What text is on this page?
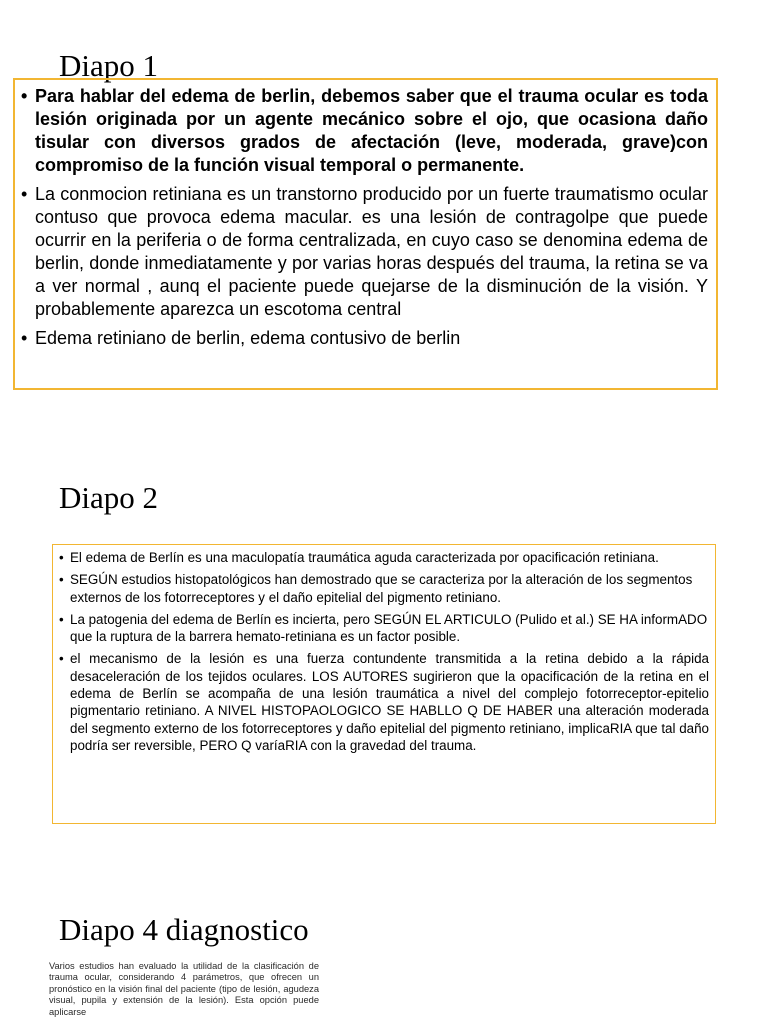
Diapo 1
• Para hablar del edema de berlin, debemos saber que el trauma ocular es toda lesión originada por un agente mecánico sobre el ojo, que ocasiona daño tisular con diversos grados de afectación (leve, moderada, grave)con compromiso de la función visual temporal o permanente.
• La conmocion retiniana es un transtorno producido por un fuerte traumatismo ocular contuso que provoca edema macular. es una lesión de contragolpe que puede ocurrir en la periferia o de forma centralizada, en cuyo caso se denomina edema de berlin, donde inmediatamente y por varias horas después del trauma, la retina se va a ver normal , aunq el paciente puede quejarse de la disminución de la visión. Y probablemente aparezca un escotoma central
• Edema retiniano de berlin, edema contusivo de berlin
Diapo 2
• El edema de Berlín es una maculopatía traumática aguda caracterizada por opacificación retiniana.
• SEGÚN estudios histopatológicos han demostrado que se caracteriza por la alteración de los segmentos externos de los fotorreceptores y el daño epitelial del pigmento retiniano.
• La patogenia del edema de Berlín es incierta, pero SEGÚN EL ARTICULO (Pulido et al.) SE HA informADO que la ruptura de la barrera hemato-retiniana es un factor posible.
• el mecanismo de la lesión es una fuerza contundente transmitida a la retina debido a la rápida desaceleración de los tejidos oculares. LOS AUTORES sugirieron que la opacificación de la retina en el edema de Berlín se acompaña de una lesión traumática a nivel del complejo fotorreceptor-epitelio pigmentario retiniano. A NIVEL HISTOPAOLOGICO SE HABLLO Q DE HABER una alteración moderada del segmento externo de los fotorreceptores y daño epitelial del pigmento retiniano, implicaRIA que tal daño podría ser reversible, PERO Q varíaRIA con la gravedad del trauma.
Diapo 4 diagnostico
Varios estudios han evaluado la utilidad de la clasificación de trauma ocular, considerando 4 parámetros, que ofrecen un pronóstico en la visión final del paciente (tipo de lesión, agudeza visual, pupila y extensión de la lesión). Esta opción puede aplicarse
